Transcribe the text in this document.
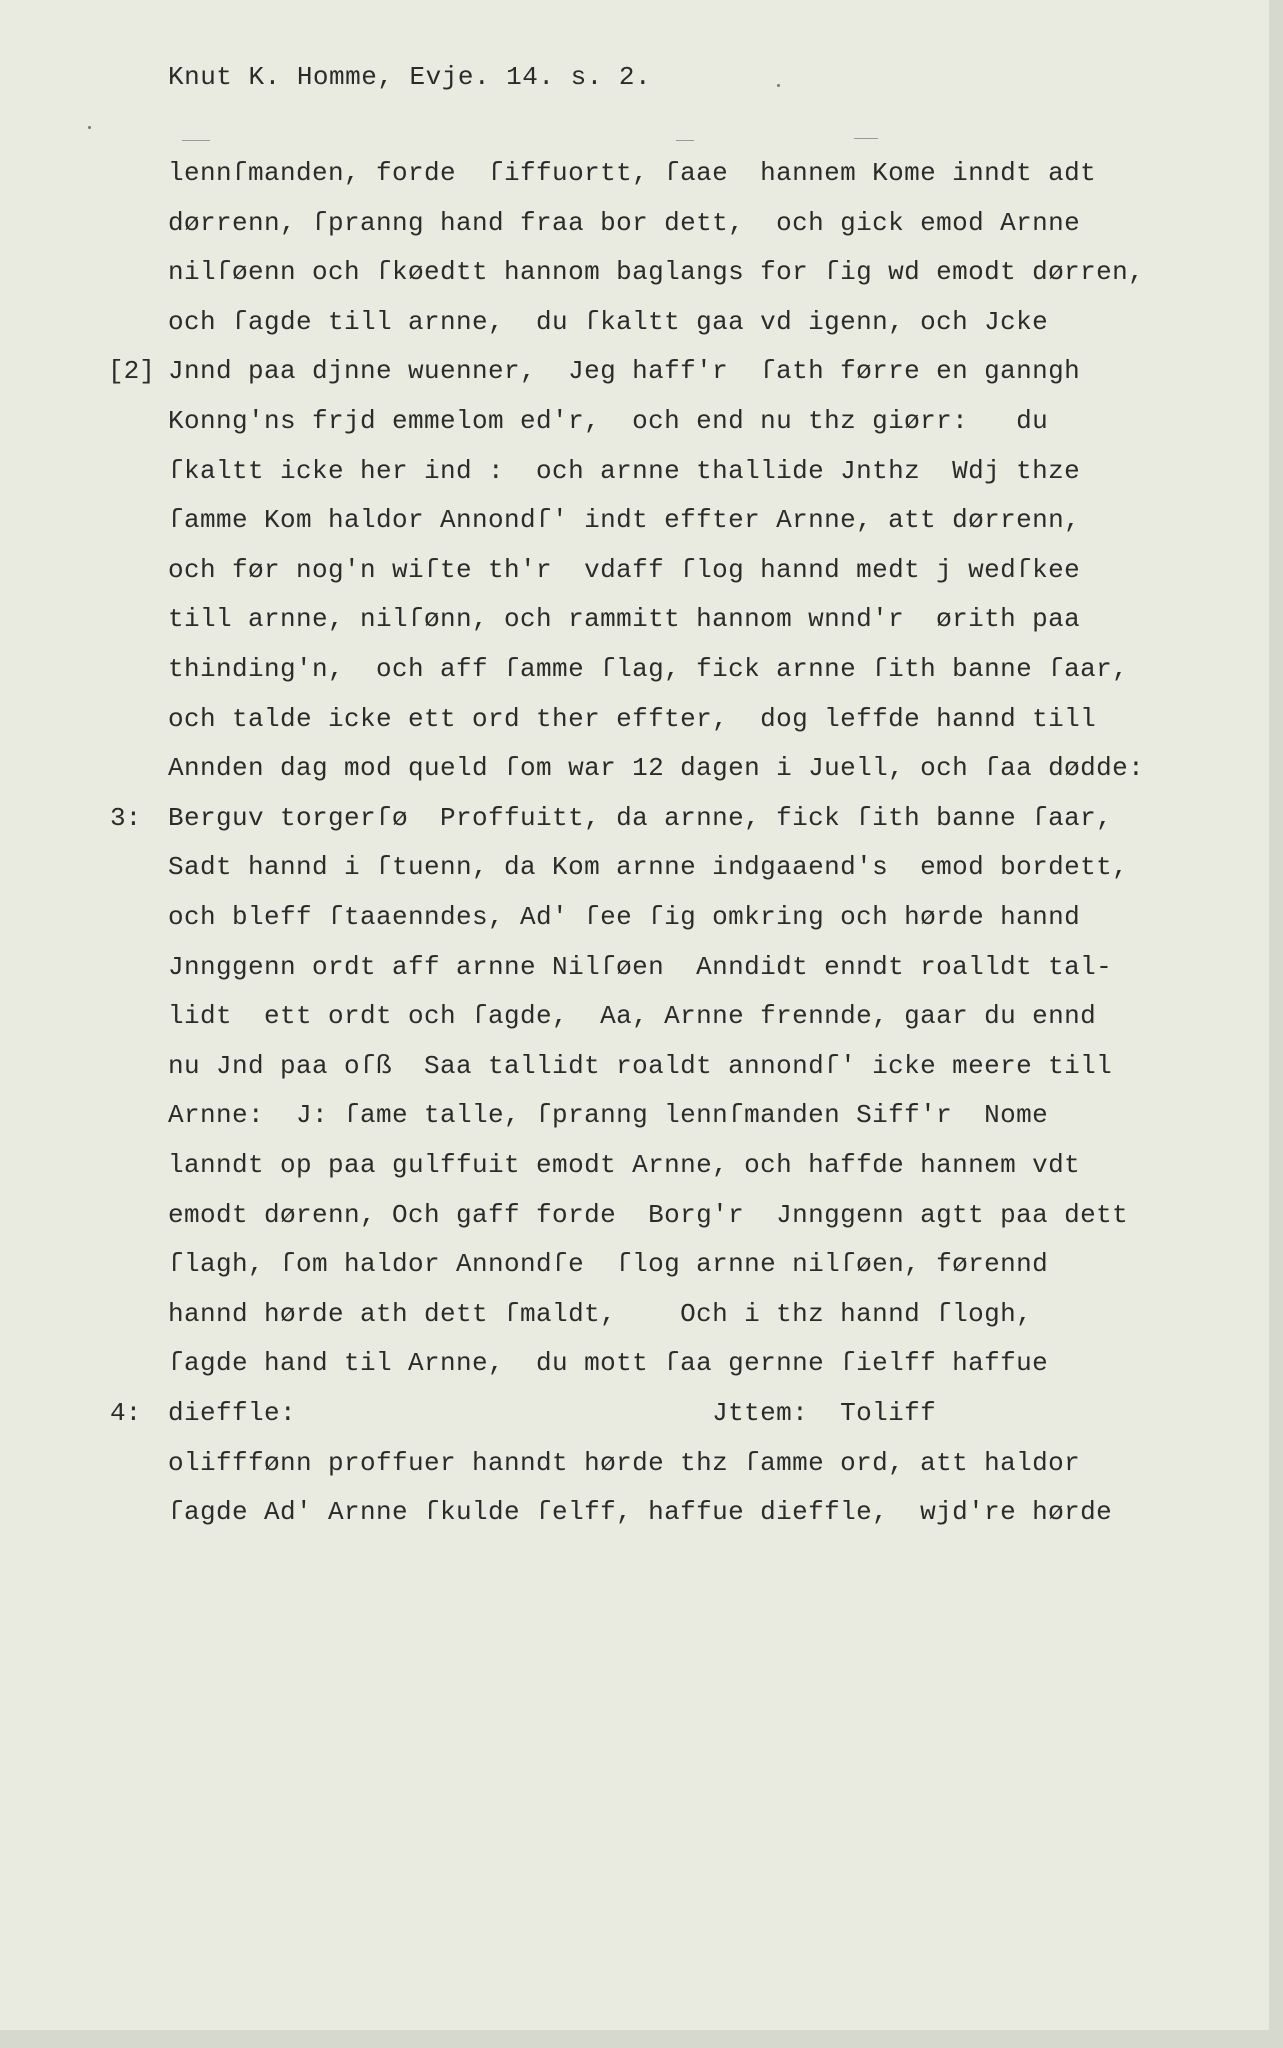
Knut K. Homme, Evje. 14. s. 2.
lennſmanden, forde  ſiffuortt, ſaae  hannem Kome inndt adt
dørrenn, ſpranng hand fraa bor dett,  och gick emod Arnne
nilſøenn och ſkøedtt hannom baglangs for ſig wd emodt dørren,
och ſagde till arnne,  du ſkaltt gaa vd igenn, och Jcke
Jnnd paa djnne wuenner,  Jeg haff'r  ſath førre en ganngh
Konng'ns frjd emmelom ed'r,  och end nu thz giørr:   du
ſkaltt icke her ind :  och arnne thallide Jnthz  Wdj thze
ſamme Kom haldor Annondſ' indt effter Arnne, att dørrenn,
och før nog'n wiſte th'r  vdaff ſlog hannd medt j wedſkee
till arnne, nilſønn, och rammitt hannom wnnd'r  ørith paa
thinding'n,  och aff ſamme ſlag, fick arnne ſith banne ſaar,
och talde icke ett ord ther effter,  dog leffde hannd till
Annden dag mod queld ſom war 12 dagen i Juell, och ſaa døddе:
Berguv torgerſø  Proffuitt, da arnne, fick ſith banne ſaar,
Sadt hannd i ſtuenn, da Kom arnne indgaaend's  emod bordett,
och bleff ſtaaenndes, Ad' ſee ſig omkring och hørde hannd
Jnnggenn ordt aff arnne Nilſøen  Anndidt enndt roalldt tal-
lidt  ett ordt och ſagde,  Aa, Arnne frennde, gaar du ennd
nu Jnd paa oſß  Saa tallidt roaldt annondſ' icke meere till
Arnne:  J: ſame talle, ſpranng lennſmanden Siff'r  Nome
lanndt op paa gulffuit emodt Arnne, och haffde hannem vdt
emodt dørenn, Och gaff forde  Borg'r  Jnnggenn agtt paa dett
ſlagh, ſom haldor Annondſe  ſlog arnne nilſøen, førennd
hannd hørde ath dett ſmaldt,    Och i thz hannd ſlogh,
ſagde hand til Arnne,  du mott ſaa gernne ſielff haffue
dieffle:                          Jttem:  Toliff
olifffønn proffuer hanndt hørde thz ſamme ord, att haldor
ſagde Ad' Arnne ſkulde ſelff, haffue dieffle,  wjd're hørde
[2]
3:
4:
